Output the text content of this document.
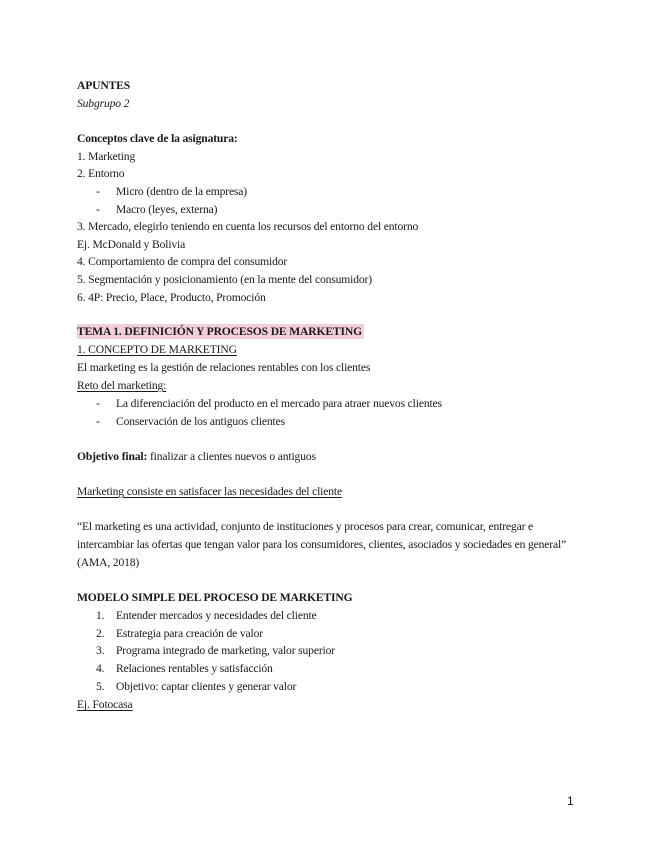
APUNTES
Subgrupo 2
Conceptos clave de la asignatura:
1. Marketing
2. Entorno
- Micro (dentro de la empresa)
- Macro (leyes, externa)
3. Mercado, elegirlo teniendo en cuenta los recursos del entorno del entorno
Ej. McDonald y Bolivia
4. Comportamiento de compra del consumidor
5. Segmentación y posicionamiento (en la mente del consumidor)
6. 4P: Precio, Place, Producto, Promoción
TEMA 1. DEFINICIÓN Y PROCESOS DE MARKETING
1. CONCEPTO DE MARKETING
El marketing es la gestión de relaciones rentables con los clientes
Reto del marketing:
- La diferenciación del producto en el mercado para atraer nuevos clientes
- Conservación de los antiguos clientes
Objetivo final: finalizar a clientes nuevos o antiguos
Marketing consiste en satisfacer las necesidades del cliente
“El marketing es una actividad, conjunto de instituciones y procesos para crear, comunicar, entregar e
intercambiar las ofertas que tengan valor para los consumidores, clientes, asociados y sociedades en general”
(AMA, 2018)
MODELO SIMPLE DEL PROCESO DE MARKETING
1. Entender mercados y necesidades del cliente
2. Estrategia para creación de valor
3. Programa integrado de marketing, valor superior
4. Relaciones rentables y satisfacción
5. Objetivo: captar clientes y generar valor
Ej. Fotocasa
1
